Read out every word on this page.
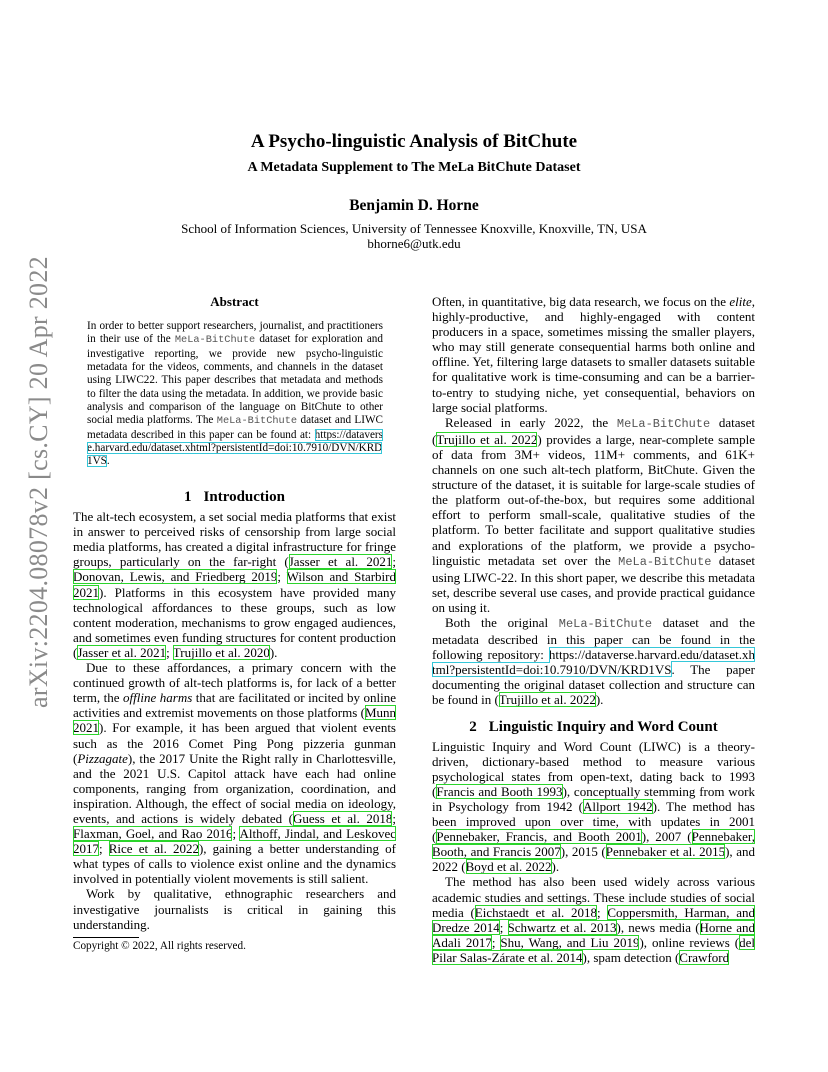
arXiv:2204.08078v2 [cs.CY] 20 Apr 2022
A Psycho-linguistic Analysis of BitChute
A Metadata Supplement to The MeLa BitChute Dataset
Benjamin D. Horne
School of Information Sciences, University of Tennessee Knoxville, Knoxville, TN, USA
bhorne6@utk.edu
Abstract
In order to better support researchers, journalist, and practitioners in their use of the MeLa-BitChute dataset for exploration and investigative reporting, we provide new psycho-linguistic metadata for the videos, comments, and channels in the dataset using LIWC22. This paper describes that metadata and methods to filter the data using the metadata. In addition, we provide basic analysis and comparison of the language on BitChute to other social media platforms. The MeLa-BitChute dataset and LIWC metadata described in this paper can be found at: https://dataverse.harvard.edu/dataset.xhtml?persistentId=doi:10.7910/DVN/KRD1VS.
1 Introduction

The alt-tech ecosystem, a set social media platforms that exist in answer to perceived risks of censorship from large social media platforms, has created a digital infrastructure for fringe groups, particularly on the far-right (Jasser et al. 2021; Donovan, Lewis, and Friedberg 2019; Wilson and Starbird 2021). Platforms in this ecosystem have provided many technological affordances to these groups, such as low content moderation, mechanisms to grow engaged audiences, and sometimes even funding structures for content production (Jasser et al. 2021; Trujillo et al. 2020).

Due to these affordances, a primary concern with the continued growth of alt-tech platforms is, for lack of a better term, the offline harms that are facilitated or incited by online activities and extremist movements on those platforms (Munn 2021). For example, it has been argued that violent events such as the 2016 Comet Ping Pong pizzeria gunman (Pizzagate), the 2017 Unite the Right rally in Charlottesville, and the 2021 U.S. Capitol attack have each had online components, ranging from organization, coordination, and inspiration. Although, the effect of social media on ideology, events, and actions is widely debated (Guess et al. 2018; Flaxman, Goel, and Rao 2016; Althoff, Jindal, and Leskovec 2017; Rice et al. 2022), gaining a better understanding of what types of calls to violence exist online and the dynamics involved in potentially violent movements is still salient.

Work by qualitative, ethnographic researchers and investigative journalists is critical in gaining this understanding.

Copyright © 2022, All rights reserved.

Often, in quantitative, big data research, we focus on the elite, highly-productive, and highly-engaged with content producers in a space, sometimes missing the smaller players, who may still generate consequential harms both online and offline. Yet, filtering large datasets to smaller datasets suitable for qualitative work is time-consuming and can be a barrier-to-entry to studying niche, yet consequential, behaviors on large social platforms.

Released in early 2022, the MeLa-BitChute dataset (Trujillo et al. 2022) provides a large, near-complete sample of data from 3M+ videos, 11M+ comments, and 61K+ channels on one such alt-tech platform, BitChute. Given the structure of the dataset, it is suitable for large-scale studies of the platform out-of-the-box, but requires some additional effort to perform small-scale, qualitative studies of the platform. To better facilitate and support qualitative studies and explorations of the platform, we provide a psycho-linguistic metadata set over the MeLa-BitChute dataset using LIWC-22. In this short paper, we describe this metadata set, describe several use cases, and provide practical guidance on using it.

Both the original MeLa-BitChute dataset and the metadata described in this paper can be found in the following repository: https://dataverse.harvard.edu/dataset.xhtml?persistentId=doi:10.7910/DVN/KRD1VS. The paper documenting the original dataset collection and structure can be found in (Trujillo et al. 2022).

2 Linguistic Inquiry and Word Count

Linguistic Inquiry and Word Count (LIWC) is a theory-driven, dictionary-based method to measure various psychological states from open-text, dating back to 1993 (Francis and Booth 1993), conceptually stemming from work in Psychology from 1942 (Allport 1942). The method has been improved upon over time, with updates in 2001 (Pennebaker, Francis, and Booth 2001), 2007 (Pennebaker, Booth, and Francis 2007), 2015 (Pennebaker et al. 2015), and 2022 (Boyd et al. 2022).

The method has also been used widely across various academic studies and settings. These include studies of social media (Eichstaedt et al. 2018; Coppersmith, Harman, and Dredze 2014; Schwartz et al. 2013), news media (Horne and Adali 2017; Shu, Wang, and Liu 2019), online reviews (del Pilar Salas-Zárate et al. 2014), spam detection (Crawford
